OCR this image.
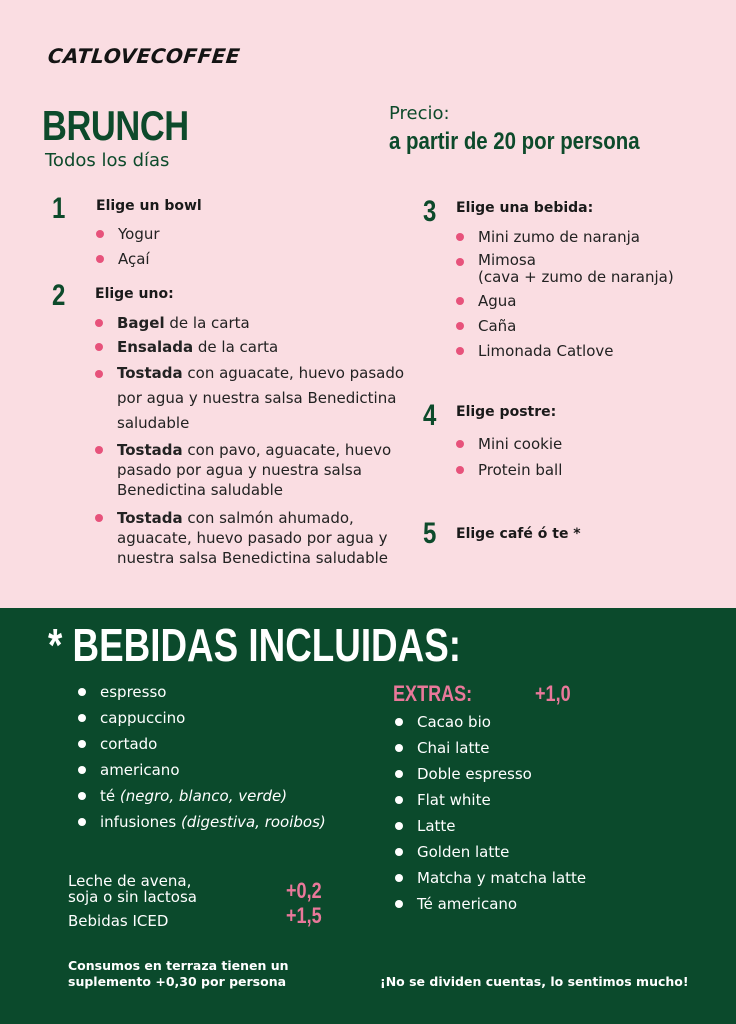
CATLOVECOFFEE
BRUNCH
Todos los días
Precio:
a partir de 20 por persona
1 Elige un bowl
Yogur
Açaí
2 Elige uno:
Bagel de la carta
Ensalada de la carta
Tostada con aguacate, huevo pasado por agua y nuestra salsa Benedictina saludable
Tostada con pavo, aguacate, huevo pasado por agua y nuestra salsa Benedictina saludable
Tostada con salmón ahumado, aguacate, huevo pasado por agua y nuestra salsa Benedictina saludable
3 Elige una bebida:
Mini zumo de naranja
Mimosa
(cava + zumo de naranja)
Agua
Caña
Limonada Catlove
4 Elige postre:
Mini cookie
Protein ball
5 Elige café ó te *
* BEBIDAS INCLUIDAS:
espresso
cappuccino
cortado
americano
té (negro, blanco, verde)
infusiones (digestiva, rooibos)
EXTRAS:	+1,0
Cacao bio
Chai latte
Doble espresso
Flat white
Latte
Golden latte
Matcha y matcha latte
Té americano
Leche de avena,
soja o sin lactosa	+0,2
Bebidas ICED	+1,5
Consumos en terraza tienen un
suplemento +0,30 por persona	¡No se dividen cuentas, lo sentimos mucho!
